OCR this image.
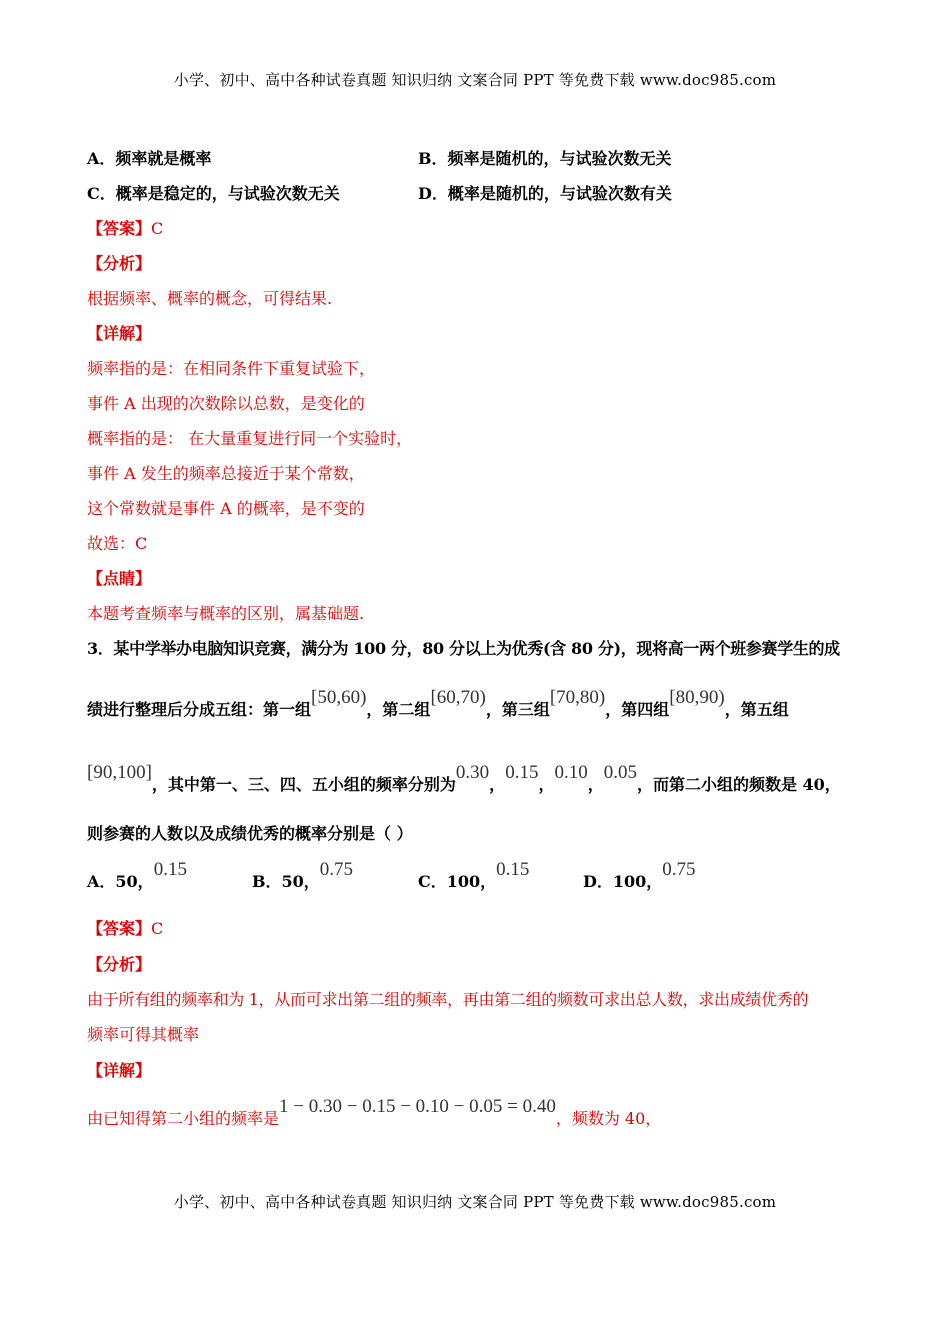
小学、初中、高中各种试卷真题 知识归纳 文案合同 PPT 等免费下载 www.doc985.com
A．频率就是概率	B．频率是随机的，与试验次数无关
C．概率是稳定的，与试验次数无关	D．概率是随机的，与试验次数有关
【答案】C
【分析】
根据频率、概率的概念，可得结果.
【详解】
频率指的是：在相同条件下重复试验下，
事件 A 出现的次数除以总数，是变化的
概率指的是： 在大量重复进行同一个实验时，
事件 A 发生的频率总接近于某个常数，
这个常数就是事件 A 的概率，是不变的
故选：C
【点睛】
本题考查频率与概率的区别，属基础题.
3．某中学举办电脑知识竞赛，满分为 100 分，80 分以上为优秀(含 80 分)，现将高一两个班参赛学生的成
绩进行整理后分成五组：第一组[50,60)，第二组[60,70)，第三组[70,80)，第四组[80,90)，第五组
[90,100]，其中第一、三、四、五小组的频率分别为0.30，0.15，0.10，0.05，而第二小组的频数是 40，
则参赛的人数以及成绩优秀的概率分别是（ ）
A．50，0.15
B．50，0.75
C．100，0.15
D．100，0.75
【答案】C
【分析】
由于所有组的频率和为 1，从而可求出第二组的频率，再由第二组的频数可求出总人数，求出成绩优秀的
频率可得其概率
【详解】
由已知得第二小组的频率是1 − 0.30 − 0.15 − 0.10 − 0.05 = 0.40，频数为 40，
小学、初中、高中各种试卷真题 知识归纳 文案合同 PPT 等免费下载 www.doc985.com
